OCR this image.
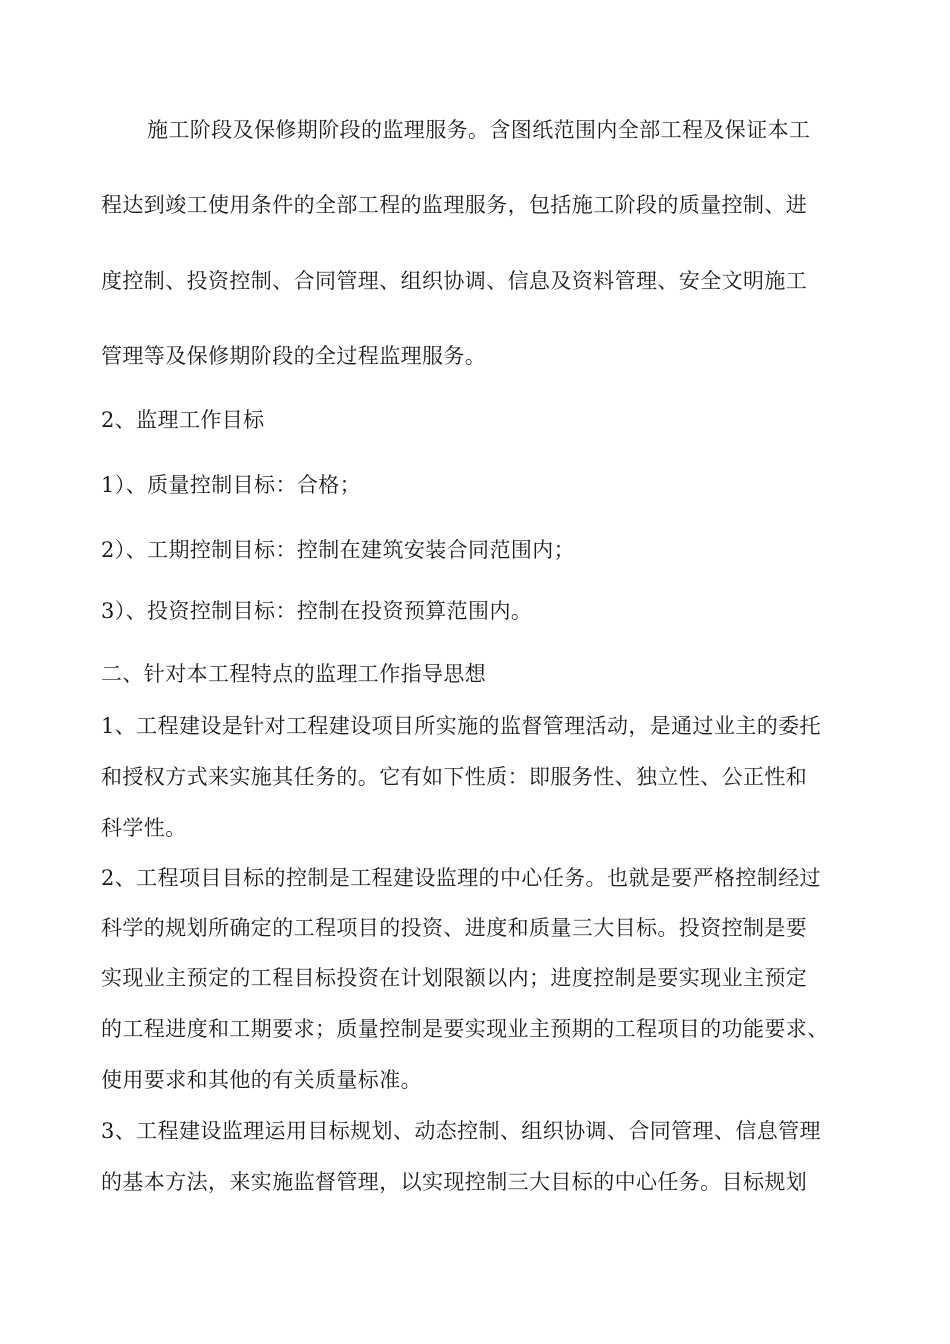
施工阶段及保修期阶段的监理服务。含图纸范围内全部工程及保证本工
程达到竣工使用条件的全部工程的监理服务，包括施工阶段的质量控制、进
度控制、投资控制、合同管理、组织协调、信息及资料管理、安全文明施工
管理等及保修期阶段的全过程监理服务。
2、监理工作目标
1）、质量控制目标：合格；
2）、工期控制目标：控制在建筑安装合同范围内；
3）、投资控制目标：控制在投资预算范围内。
二、针对本工程特点的监理工作指导思想
1、工程建设是针对工程建设项目所实施的监督管理活动，是通过业主的委托
和授权方式来实施其任务的。它有如下性质：即服务性、独立性、公正性和
科学性。
2、工程项目目标的控制是工程建设监理的中心任务。也就是要严格控制经过
科学的规划所确定的工程项目的投资、进度和质量三大目标。投资控制是要
实现业主预定的工程目标投资在计划限额以内；进度控制是要实现业主预定
的工程进度和工期要求；质量控制是要实现业主预期的工程项目的功能要求、
使用要求和其他的有关质量标准。
3、工程建设监理运用目标规划、动态控制、组织协调、合同管理、信息管理
的基本方法，来实施监督管理，以实现控制三大目标的中心任务。目标规划
